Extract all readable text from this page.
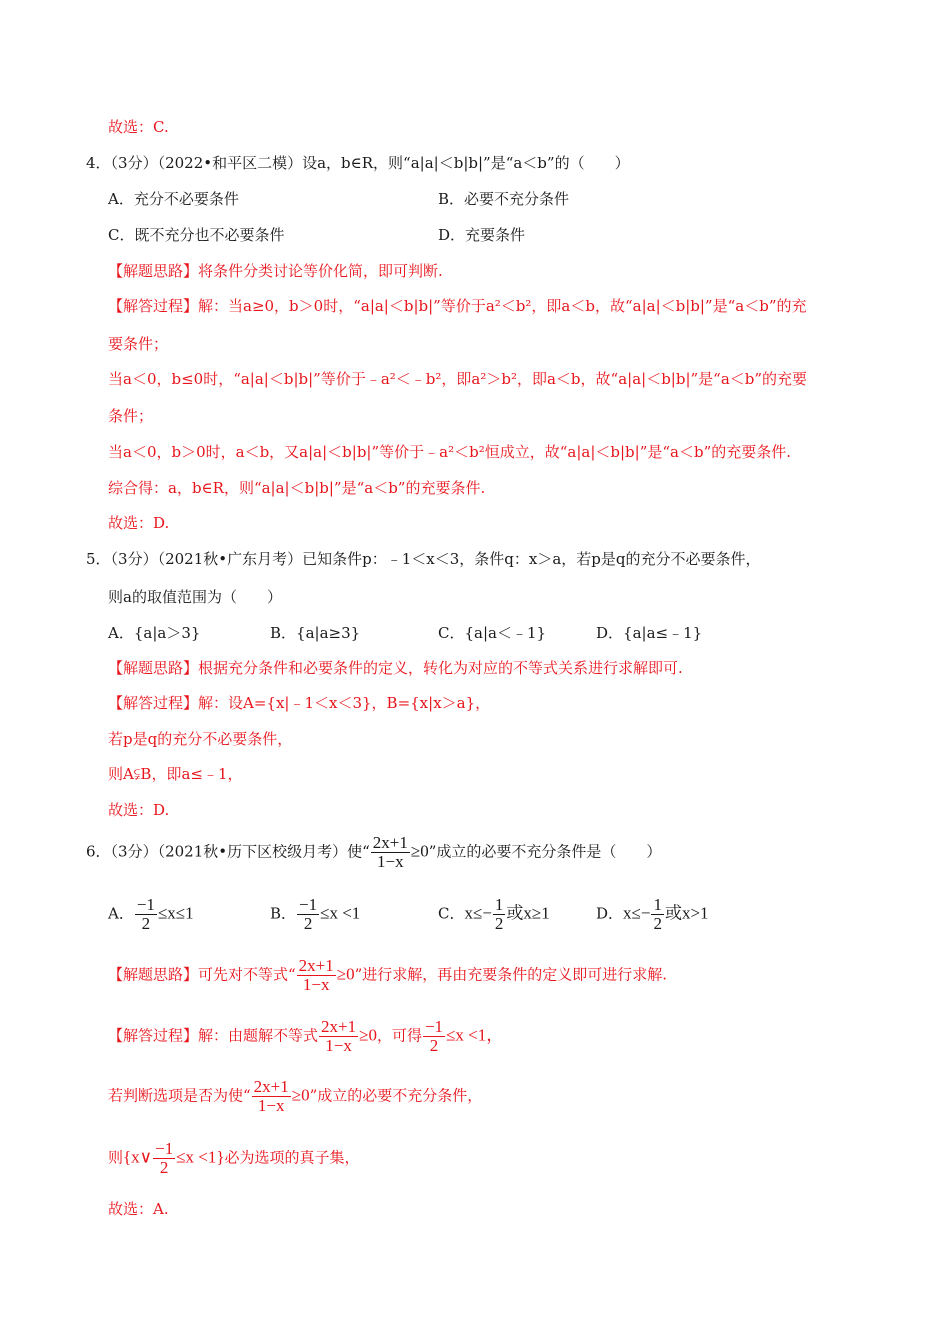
故选：C.
4．（3分）（2022•和平区二模）设a，b∈R，则“a|a|＜b|b|”是“a＜b”的（　　）
A．充分不必要条件	B．必要不充分条件
C．既不充分也不必要条件	D．充要条件
【解题思路】将条件分类讨论等价化简，即可判断.
【解答过程】解：当a≥0，b＞0时，“a|a|＜b|b|”等价于a²＜b²，即a＜b，故“a|a|＜b|b|”是“a＜b”的充
要条件；
当a＜0，b≤0时，“a|a|＜b|b|”等价于﹣a²＜﹣b²，即a²＞b²，即a＜b，故“a|a|＜b|b|”是“a＜b”的充要
条件；
当a＜0，b＞0时，a＜b，又a|a|＜b|b|”等价于﹣a²＜b²恒成立，故“a|a|＜b|b|”是“a＜b”的充要条件.
综合得：a，b∈R，则“a|a|＜b|b|”是“a＜b”的充要条件.
故选：D.
5．（3分）（2021秋•广东月考）已知条件p：﹣1＜x＜3，条件q：x＞a，若p是q的充分不必要条件，
则a的取值范围为（　　）
A．{a|a＞3}	B．{a|a≥3}	C．{a|a＜﹣1}	D．{a|a≤﹣1}
【解题思路】根据充分条件和必要条件的定义，转化为对应的不等式关系进行求解即可.
【解答过程】解：设A={x|﹣1＜x＜3}，B={x|x＞a}，
若p是q的充分不必要条件，
则A⫋B，即a≤﹣1，
故选：D.
6．（3分）（2021秋•历下区校级月考）使“ $\frac{2x+1}{1-x} \ge 0$”成立的必要不充分条件是（　　）
A． $\frac{-1}{2} \le x\le 1$	B． $\frac{-1}{2} \le x <1$	C．$x\le- \frac{1}{2}$ 或x≥1	D．$x\le- \frac{1}{2}$ 或x>1
【解题思路】可先对不等式“ $\frac{2x+1}{1-x} \ge 0$”进行求解，再由充要条件的定义即可进行求解.
【解答过程】解：由题解不等式 $\frac{2x+1}{1-x} \ge 0$，可得 $\frac{-1}{2} \le x <1$，
若判断选项是否为使“ $\frac{2x+1}{1-x} \ge 0$”成立的必要不充分条件，
则{x∨ $\frac{-1}{2} \le x <1$}必为选项的真子集，
故选：A.
